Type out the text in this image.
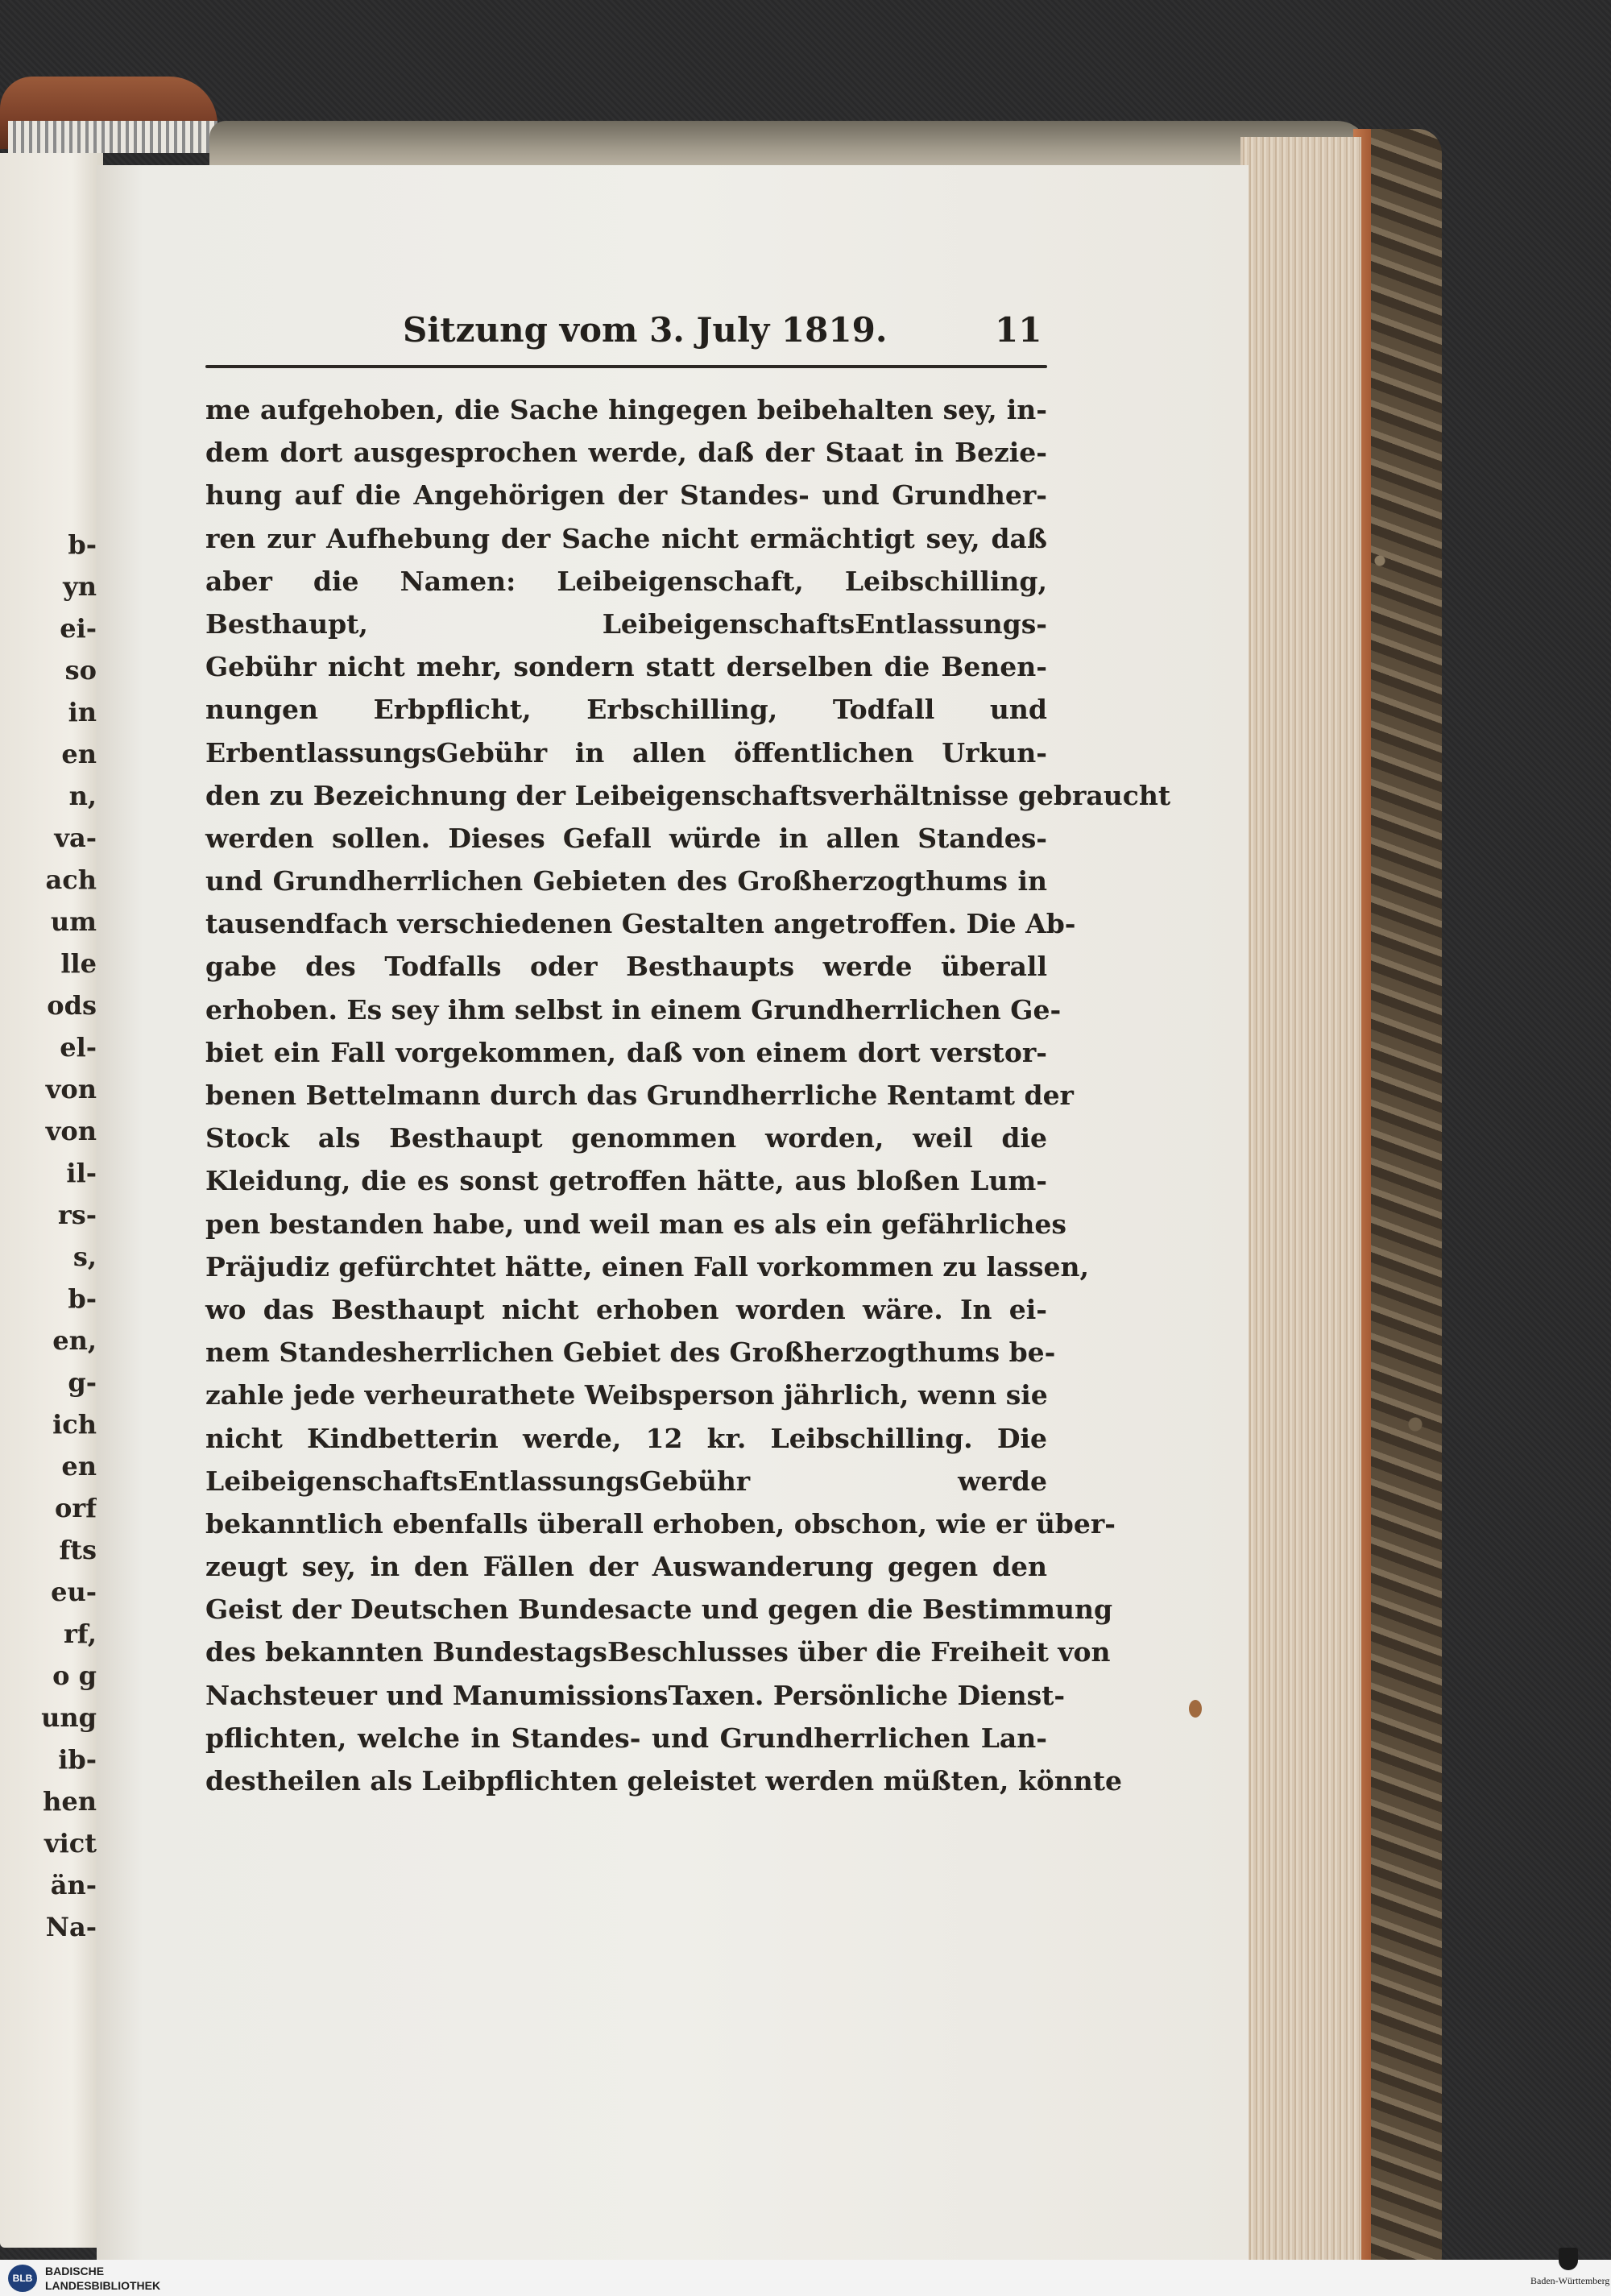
b-
yn
ei-
so
in
en
n,
va-
ach
um
lle
ods
el-
von
von
il-
rs-
s,
b-
en,
g-
ich
en
orf
fts
eu-
rf,
o g
ung
ib-
hen
vict
än-
Na-
Sitzung vom 3. July 1819.	11
me aufgehoben, die Sache hingegen beibehalten sey, in-
dem dort ausgesprochen werde, daß der Staat in Bezie-
hung auf die Angehörigen der Standes- und Grundher-
ren zur Aufhebung der Sache nicht ermächtigt sey, daß
aber die Namen: Leibeigenschaft, Leibschilling,
Besthaupt, LeibeigenschaftsEntlassungs-
Gebühr nicht mehr, sondern statt derselben die Benen-
nungen Erbpflicht, Erbschilling, Todfall und
ErbentlassungsGebühr in allen öffentlichen Urkun-
den zu Bezeichnung der Leibeigenschaftsverhältnisse gebraucht
werden sollen. Dieses Gefall würde in allen Standes-
und Grundherrlichen Gebieten des Großherzogthums in
tausendfach verschiedenen Gestalten angetroffen. Die Ab-
gabe des Todfalls oder Besthaupts werde überall
erhoben. Es sey ihm selbst in einem Grundherrlichen Ge-
biet ein Fall vorgekommen, daß von einem dort verstor-
benen Bettelmann durch das Grundherrliche Rentamt der
Stock als Besthaupt genommen worden, weil die
Kleidung, die es sonst getroffen hätte, aus bloßen Lum-
pen bestanden habe, und weil man es als ein gefährliches
Präjudiz gefürchtet hätte, einen Fall vorkommen zu lassen,
wo das Besthaupt nicht erhoben worden wäre. In ei-
nem Standesherrlichen Gebiet des Großherzogthums be-
zahle jede verheurathete Weibsperson jährlich, wenn sie
nicht Kindbetterin werde, 12 kr. Leibschilling. Die
LeibeigenschaftsEntlassungsGebühr werde
bekanntlich ebenfalls überall erhoben, obschon, wie er über-
zeugt sey, in den Fällen der Auswanderung gegen den
Geist der Deutschen Bundesacte und gegen die Bestimmung
des bekannten BundestagsBeschlusses über die Freiheit von
Nachsteuer und ManumissionsTaxen. Persönliche Dienst-
pflichten, welche in Standes- und Grundherrlichen Lan-
destheilen als Leibpflichten geleistet werden müßten, könnte
BLB
BADISCHE
LANDESBIBLIOTHEK	Baden-Württemberg
